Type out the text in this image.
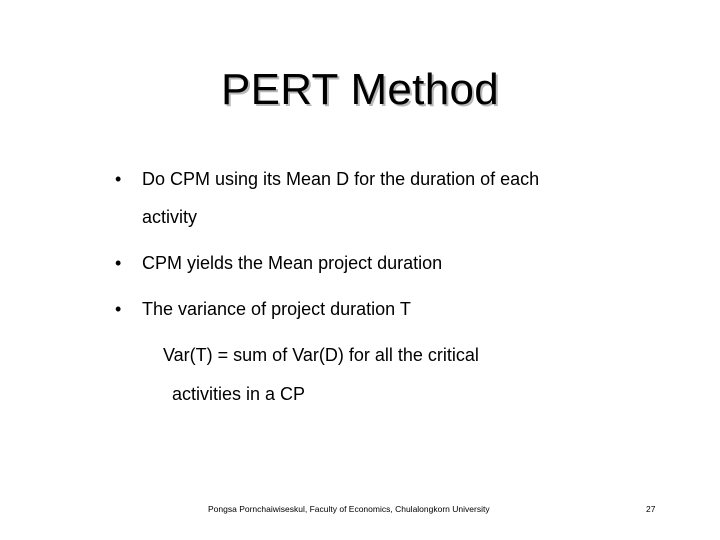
PERT Method
•	Do CPM using its Mean D for the duration of each
activity
•	CPM yields the Mean project duration
•	The variance of project duration T
Var(T) = sum of Var(D) for all the critical
activities in a CP
Pongsa Pornchaiwiseskul, Faculty of Economics, Chulalongkorn University	27
